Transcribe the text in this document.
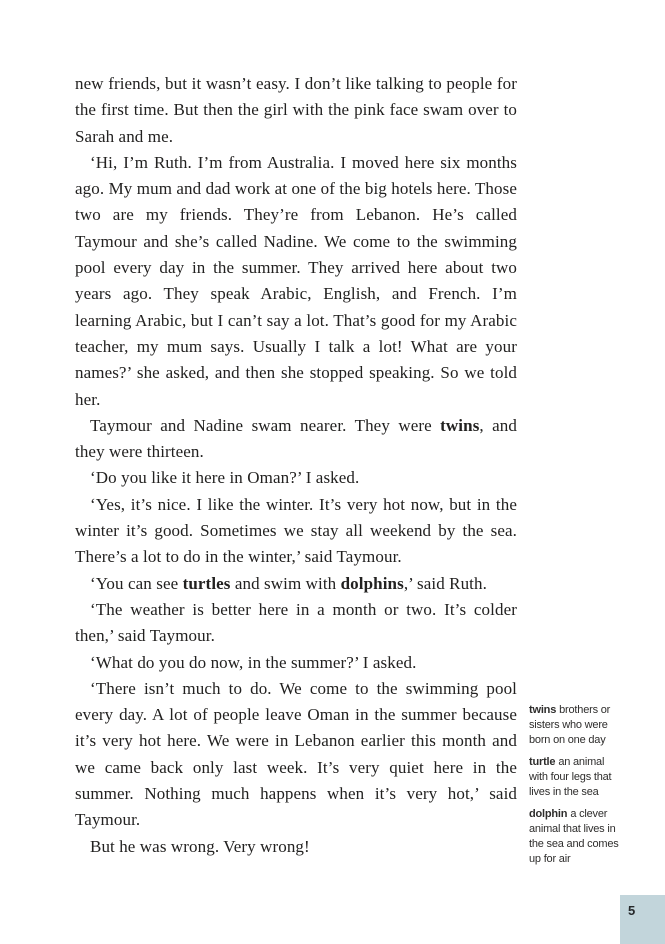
new friends, but it wasn’t easy. I don’t like talking to people for the first time. But then the girl with the pink face swam over to Sarah and me.

‘Hi, I’m Ruth. I’m from Australia. I moved here six months ago. My mum and dad work at one of the big hotels here. Those two are my friends. They’re from Lebanon. He’s called Taymour and she’s called Nadine. We come to the swimming pool every day in the summer. They arrived here about two years ago. They speak Arabic, English, and French. I’m learning Arabic, but I can’t say a lot. That’s good for my Arabic teacher, my mum says. Usually I talk a lot! What are your names?’ she asked, and then she stopped speaking. So we told her.

Taymour and Nadine swam nearer. They were twins, and they were thirteen.

‘Do you like it here in Oman?’ I asked.

‘Yes, it’s nice. I like the winter. It’s very hot now, but in the winter it’s good. Sometimes we stay all weekend by the sea. There’s a lot to do in the winter,’ said Taymour.

‘You can see turtles and swim with dolphins,’ said Ruth.

‘The weather is better here in a month or two. It’s colder then,’ said Taymour.

‘What do you do now, in the summer?’ I asked.

‘There isn’t much to do. We come to the swimming pool every day. A lot of people leave Oman in the summer because it’s very hot here. We were in Lebanon earlier this month and we came back only last week. It’s very quiet here in the summer. Nothing much happens when it’s very hot,’ said Taymour.

But he was wrong. Very wrong!

twins brothers or sisters who were born on one day

turtle an animal with four legs that lives in the sea

dolphin a clever animal that lives in the sea and comes up for air

5
